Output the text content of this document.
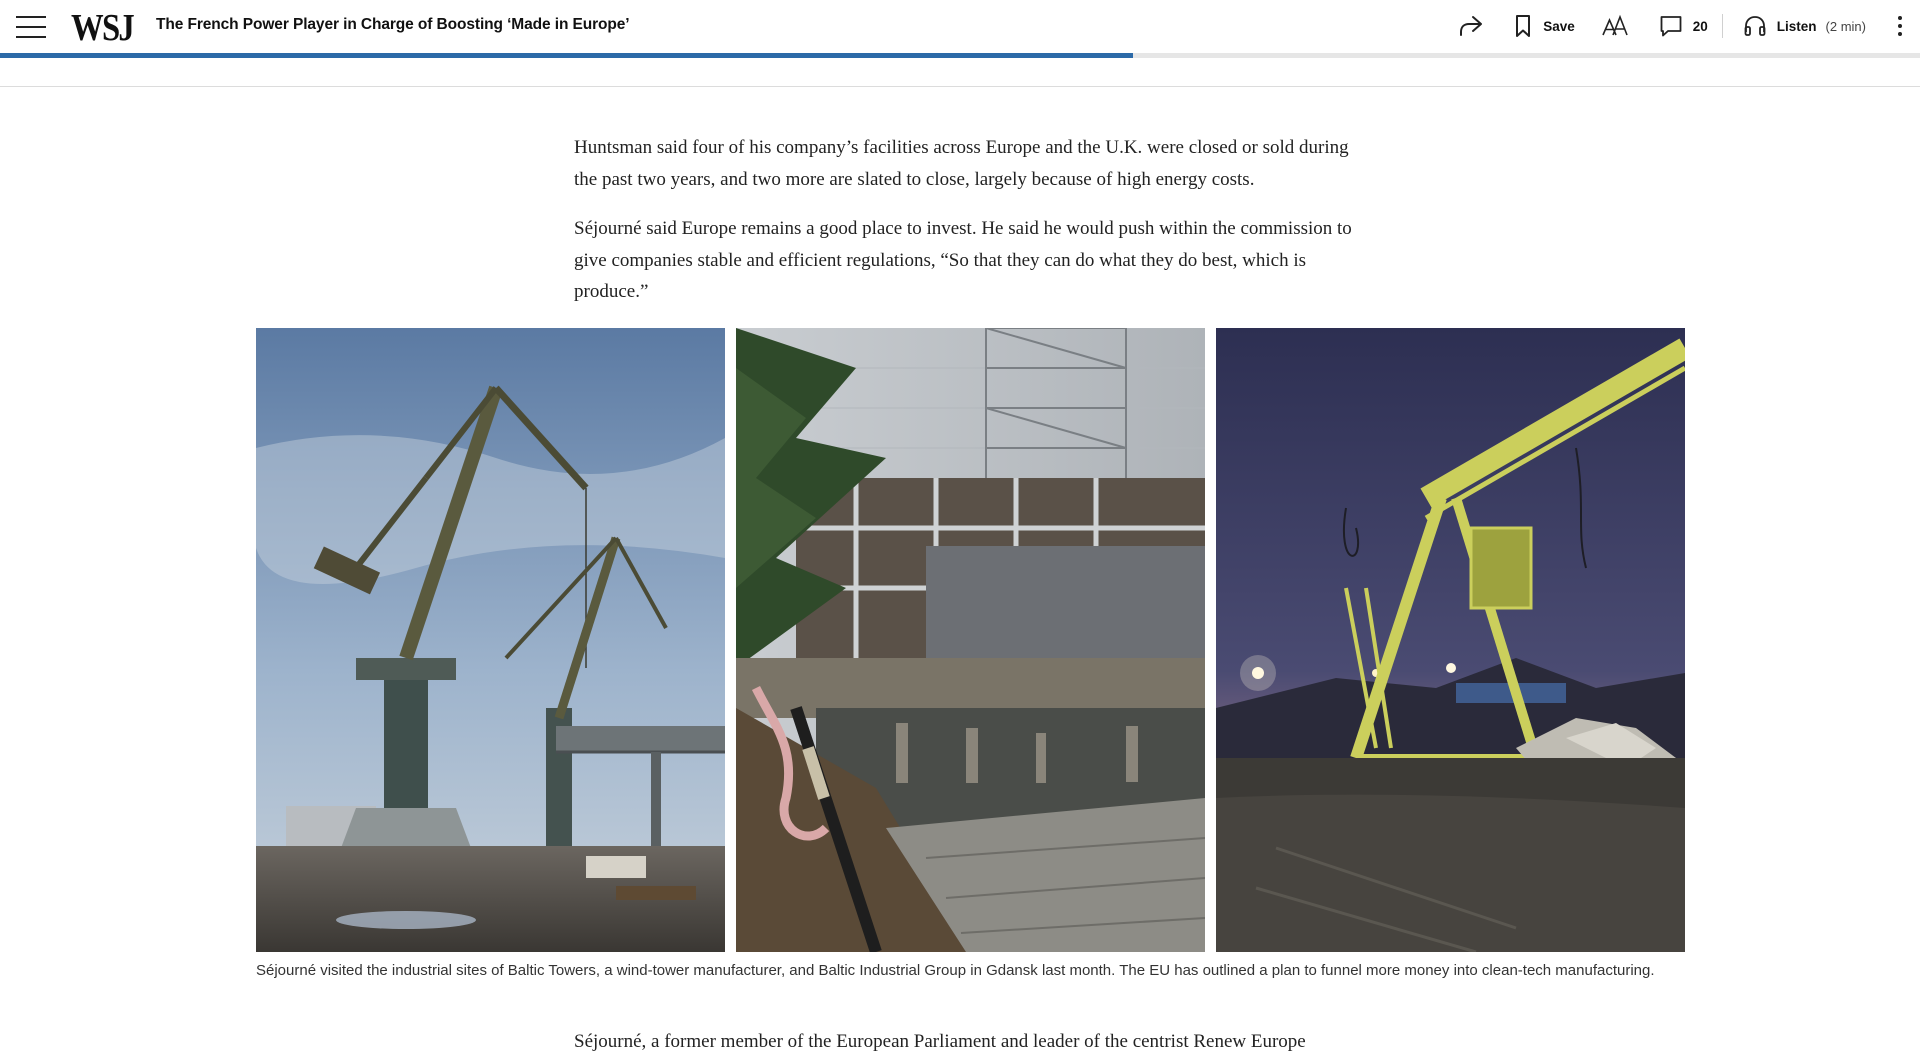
WSJ The French Power Player in Charge of Boosting ‘Made in Europe’	Save	20	Listen (2 min)

Huntsman said four of his company’s facilities across Europe and the U.K. were closed or sold during the past two years, and two more are slated to close, largely because of high energy costs.

Séjourné said Europe remains a good place to invest. He said he would push within the commission to give companies stable and efficient regulations, “So that they can do what they do best, which is produce.”

Séjourné visited the industrial sites of Baltic Towers, a wind-tower manufacturer, and Baltic Industrial Group in Gdansk last month. The EU has outlined a plan to funnel more money into clean-tech manufacturing.

Séjourné, a former member of the European Parliament and leader of the centrist Renew Europe
